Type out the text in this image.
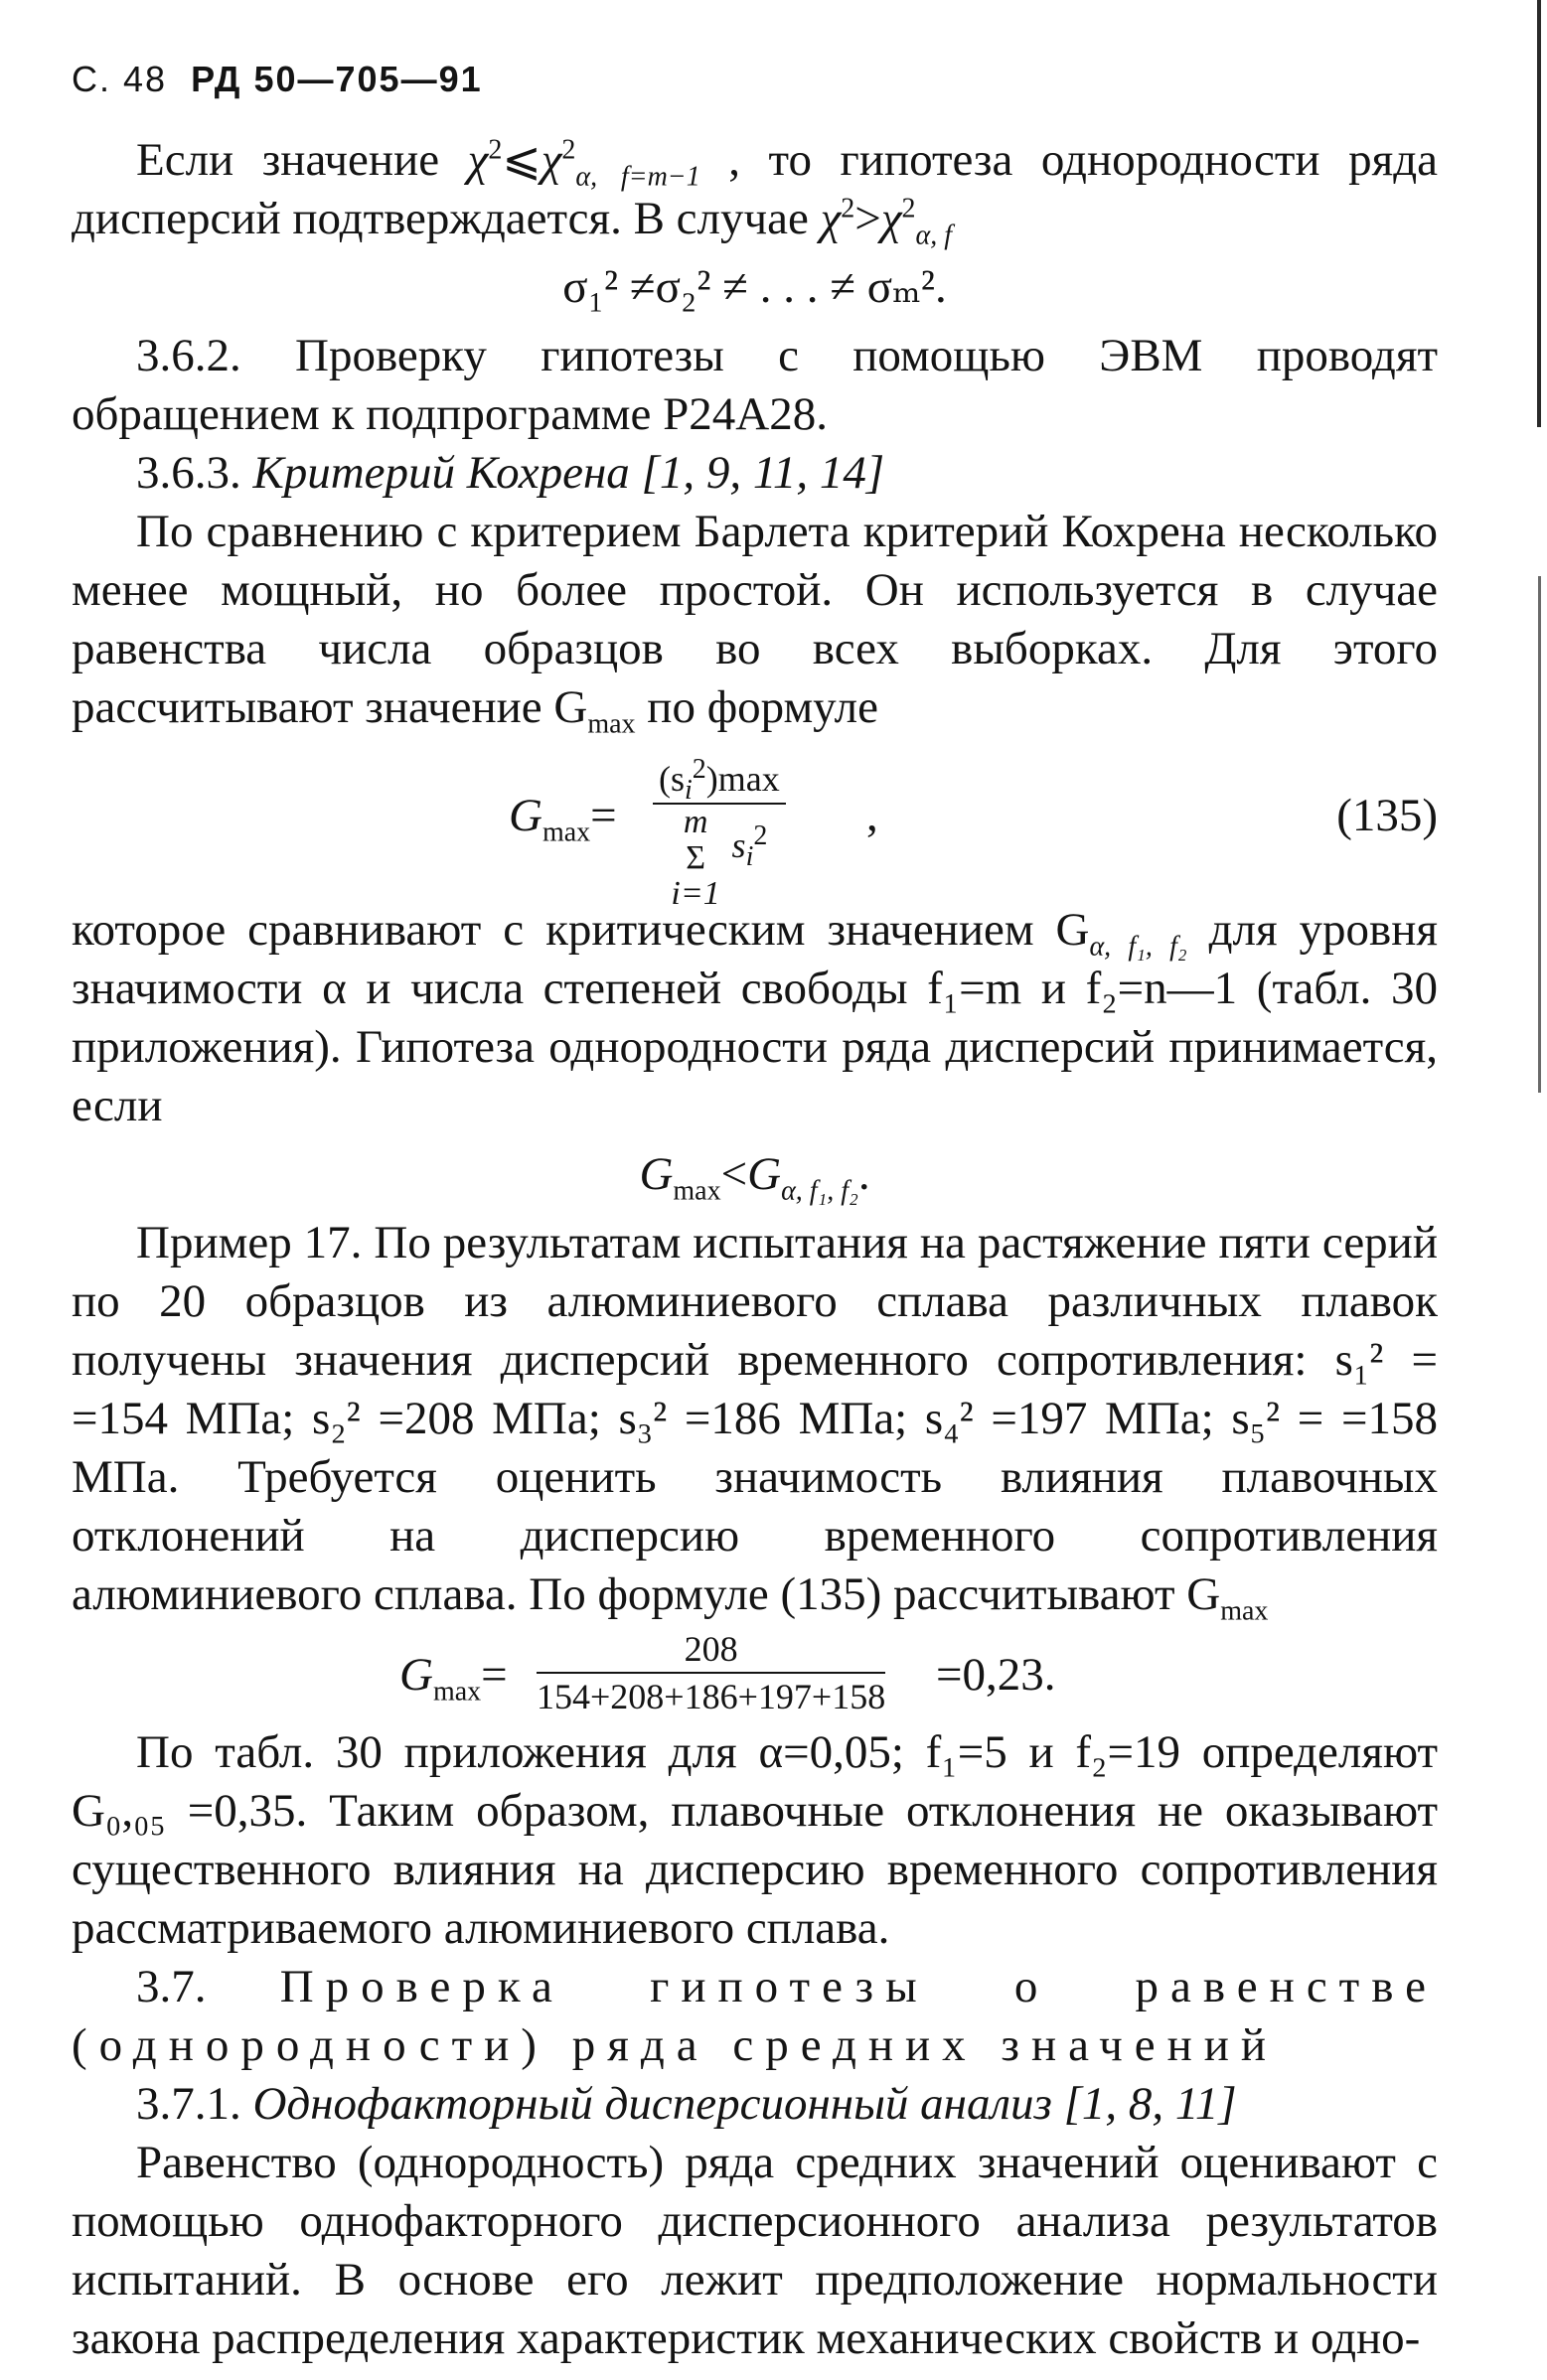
С. 48 РД 50—705—91

Если значение $\chi^2⩽\chi^2_{\alpha, f=m-1}$ , то гипотеза однородности ряда дисперсий подтверждается. В случае $\chi^2>\chi^2_{\alpha, f}$

σ₁² ≠σ₂² ≠ . . . ≠ σₘ².

3.6.2. Проверку гипотезы с помощью ЭВМ проводят обращением к подпрограмме Р24А28.

3.6.3. Критерий Кохрена [1, 9, 11, 14]

По сравнению с критерием Барлета критерий Кохрена несколько менее мощный, но более простой. Он используется в случае равенства числа образцов во всех выборках. Для этого рассчитывают значение $G_{max}$ по формуле

$G_{max}=$
$(s_i^2)\max$
m
Σ
i=1 $_{s_i^2}$	,	(135)

которое сравнивают с критическим значением $G_{\alpha, f_1, f_2}$ для уровня значимости α и числа степеней свободы f₁=m и f₂=n—1 (табл. 30 приложения). Гипотеза однородности ряда дисперсий принимается, если

$G_{max}<G_{\alpha, f_1, f_2}$.

Пример 17. По результатам испытания на растяжение пяти серий по 20 образцов из алюминиевого сплава различных плавок получены значения дисперсий временного сопротивления: s₁² = =154 МПа; s₂² =208 МПа; s₃² =186 МПа; s₄² =197 МПа; s₅² = =158 МПа. Требуется оценить значимость влияния плавочных отклонений на дисперсию временного сопротивления алюминиевого сплава. По формуле (135) рассчитывают $G_{max}$

$G_{max}= \frac{208}{154+208+186+197+158} =0,23$.

По табл. 30 приложения для α=0,05; f₁=5 и f₂=19 определяют G₀,₀₅ =0,35. Таким образом, плавочные отклонения не оказывают существенного влияния на дисперсию временного сопротивления рассматриваемого алюминиевого сплава.

3.7. Проверка гипотезы о равенстве (однородности) ряда средних значений

3.7.1. Однофакторный дисперсионный анализ [1, 8, 11]

Равенство (однородность) ряда средних значений оценивают с помощью однофакторного дисперсионного анализа результатов испытаний. В основе его лежит предположение нормальности закона распределения характеристик механических свойств и одно-
